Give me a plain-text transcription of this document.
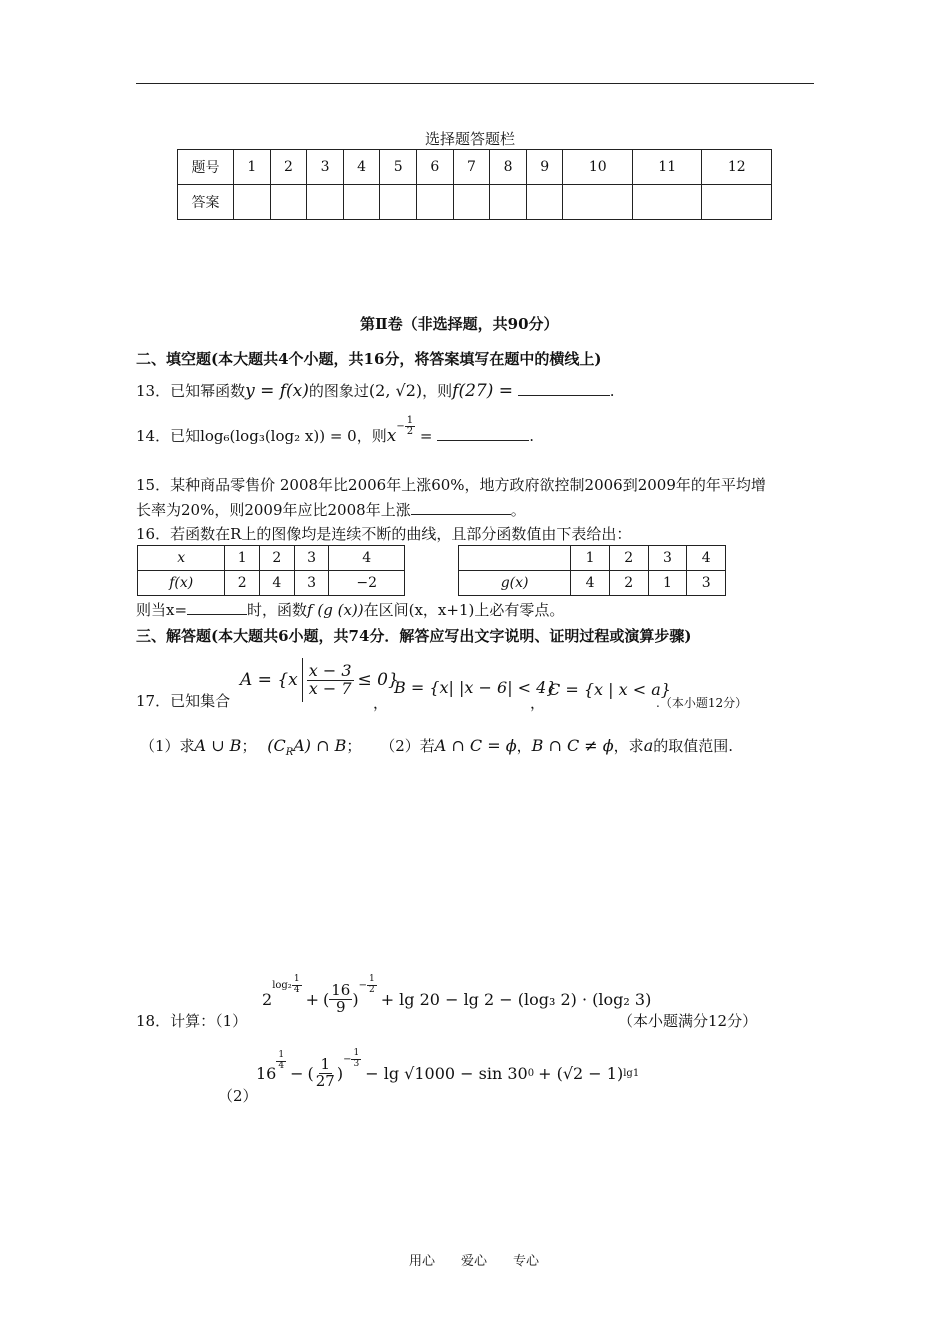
选择题答题栏
题号	1	2	3	4	5	6	7	8	9	10	11	12
答案												
第Ⅱ卷（非选择题，共90分）
二、填空题(本大题共4个小题，共16分，将答案填写在题中的横线上)
13．已知幂函数y = f(x)的图象过(2, √2)，则f(27) =	.
14．已知log₆(log₃(log₂ x)) = 0，则$x^{- \frac{1}{2}}$ =	.
15．某种商品零售价 2008年比2006年上涨60%，地方政府欲控制2006到2009年的年平均增
长率为20%，则2009年应比2008年上涨	。
16．若函数在R上的图像均是连续不断的曲线，且部分函数值由下表给出：
x	1	2	3	4
f(x)	2	4	3	−2
	1	2	3	4
g(x)	4	2	1	3
则当x=	时，函数f (g (x))在区间(x，x+1)上必有零点。
三、解答题(本大题共6小题，共74分．解答应写出文字说明、证明过程或演算步骤)
17．已知集合
$A = \{x \frac{x - 3}{x - 7} \le 0\}$
，
B = {x| |x − 6| < 4}
，
C = {x | x < a}
.（本小题12分）
（1）求A ∪ B； $(C_RA)$ ∩ B； （2）若A ∩ C = ϕ，B ∩ C ≠ ϕ，求a的取值范围.
18．计算：（1）
2
$\log_2 \frac{1}{4}$
+ ( $\frac{16}{9}$ )
− $\frac{1}{2}$
+ lg 20 − lg 2 − (log₃ 2) · (log₂ 3)
（本小题满分12分）
（2）
16
$\frac{1}{4}$
− ( $\frac{1}{27}$ )
− $\frac{1}{3}$
− lg √1000 − sin 30 0 + (√2 − 1) lg1
用心 爱心 专心
